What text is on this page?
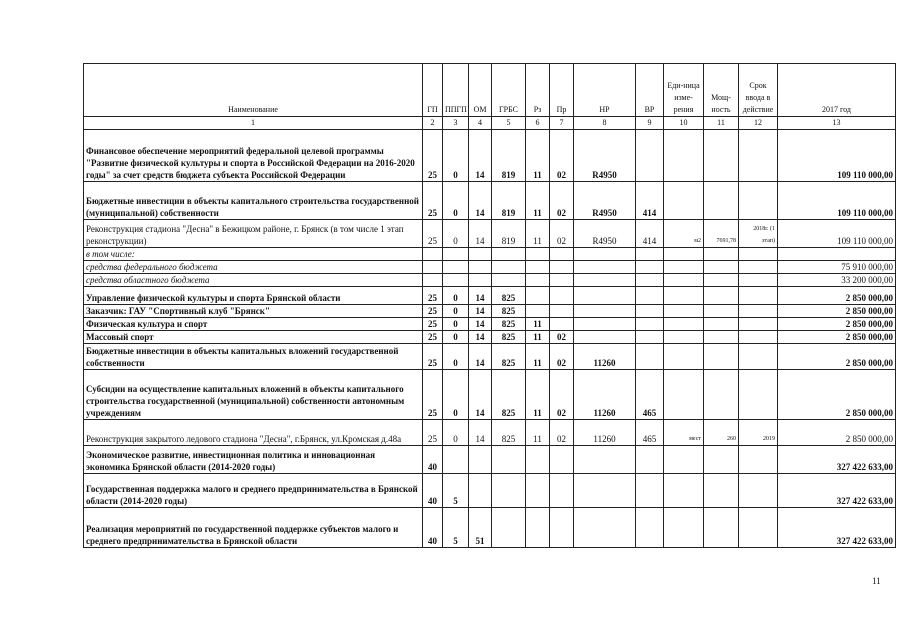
Наименование	ГП	ППГП	ОМ	ГРБС	Рз	Пр	НР	ВР	Еди-ница изме-рения	Мощ-ность	Срок ввода в действие	2017 год
1	2	3	4	5	6	7	8	9	10	11	12	13
Финансовое обеспечение мероприятий федеральной целевой программы "Развитие физической культуры и спорта в Российской Федерации на 2016-2020 годы" за счет средств бюджета субъекта Российской Федерации	25	0	14	819	11	02	R4950					109 110 000,00
Бюджетные инвестиции в объекты капитального строительства государственной (муниципальной) собственности	25	0	14	819	11	02	R4950	414				109 110 000,00
Реконструкция стадиона "Десна" в Бежицком районе, г. Брянск (в том числе 1 этап реконструкции)	25	0	14	819	11	02	R4950	414	м2	7691,78	2018г. (1 этап)	109 110 000,00
в том числе:												
средства федерального бюджета												75 910 000,00
средства областного бюджета												33 200 000,00
Управление физической культуры и спорта Брянской области	25	0	14	825								2 850 000,00
Заказчик: ГАУ "Спортивный клуб "Брянск"	25	0	14	825								2 850 000,00
Физическая культура и спорт	25	0	14	825	11							2 850 000,00
Массовый спорт	25	0	14	825	11	02						2 850 000,00
Бюджетные инвестиции в объекты капитальных вложений государственной собственности	25	0	14	825	11	02	11260					2 850 000,00
Субсидии на осуществление капитальных вложений в объекты капитального строительства государственной (муниципальной) собственности автономным учреждениям	25	0	14	825	11	02	11260	465				2 850 000,00
Реконструкция закрытого ледового стадиона "Десна", г.Брянск, ул.Кромская д.48а	25	0	14	825	11	02	11260	465	мест	260	2019	2 850 000,00
Экономическое развитие, инвестиционная политика и инновационная экономика Брянской области (2014-2020 годы)	40											327 422 633,00
Государственная поддержка малого и среднего предпринимательства в Брянской области (2014-2020 годы)	40	5										327 422 633,00
Реализация мероприятий по государственной поддержке субъектов малого и среднего предпринимательства в Брянской области	40	5	51									327 422 633,00
11
